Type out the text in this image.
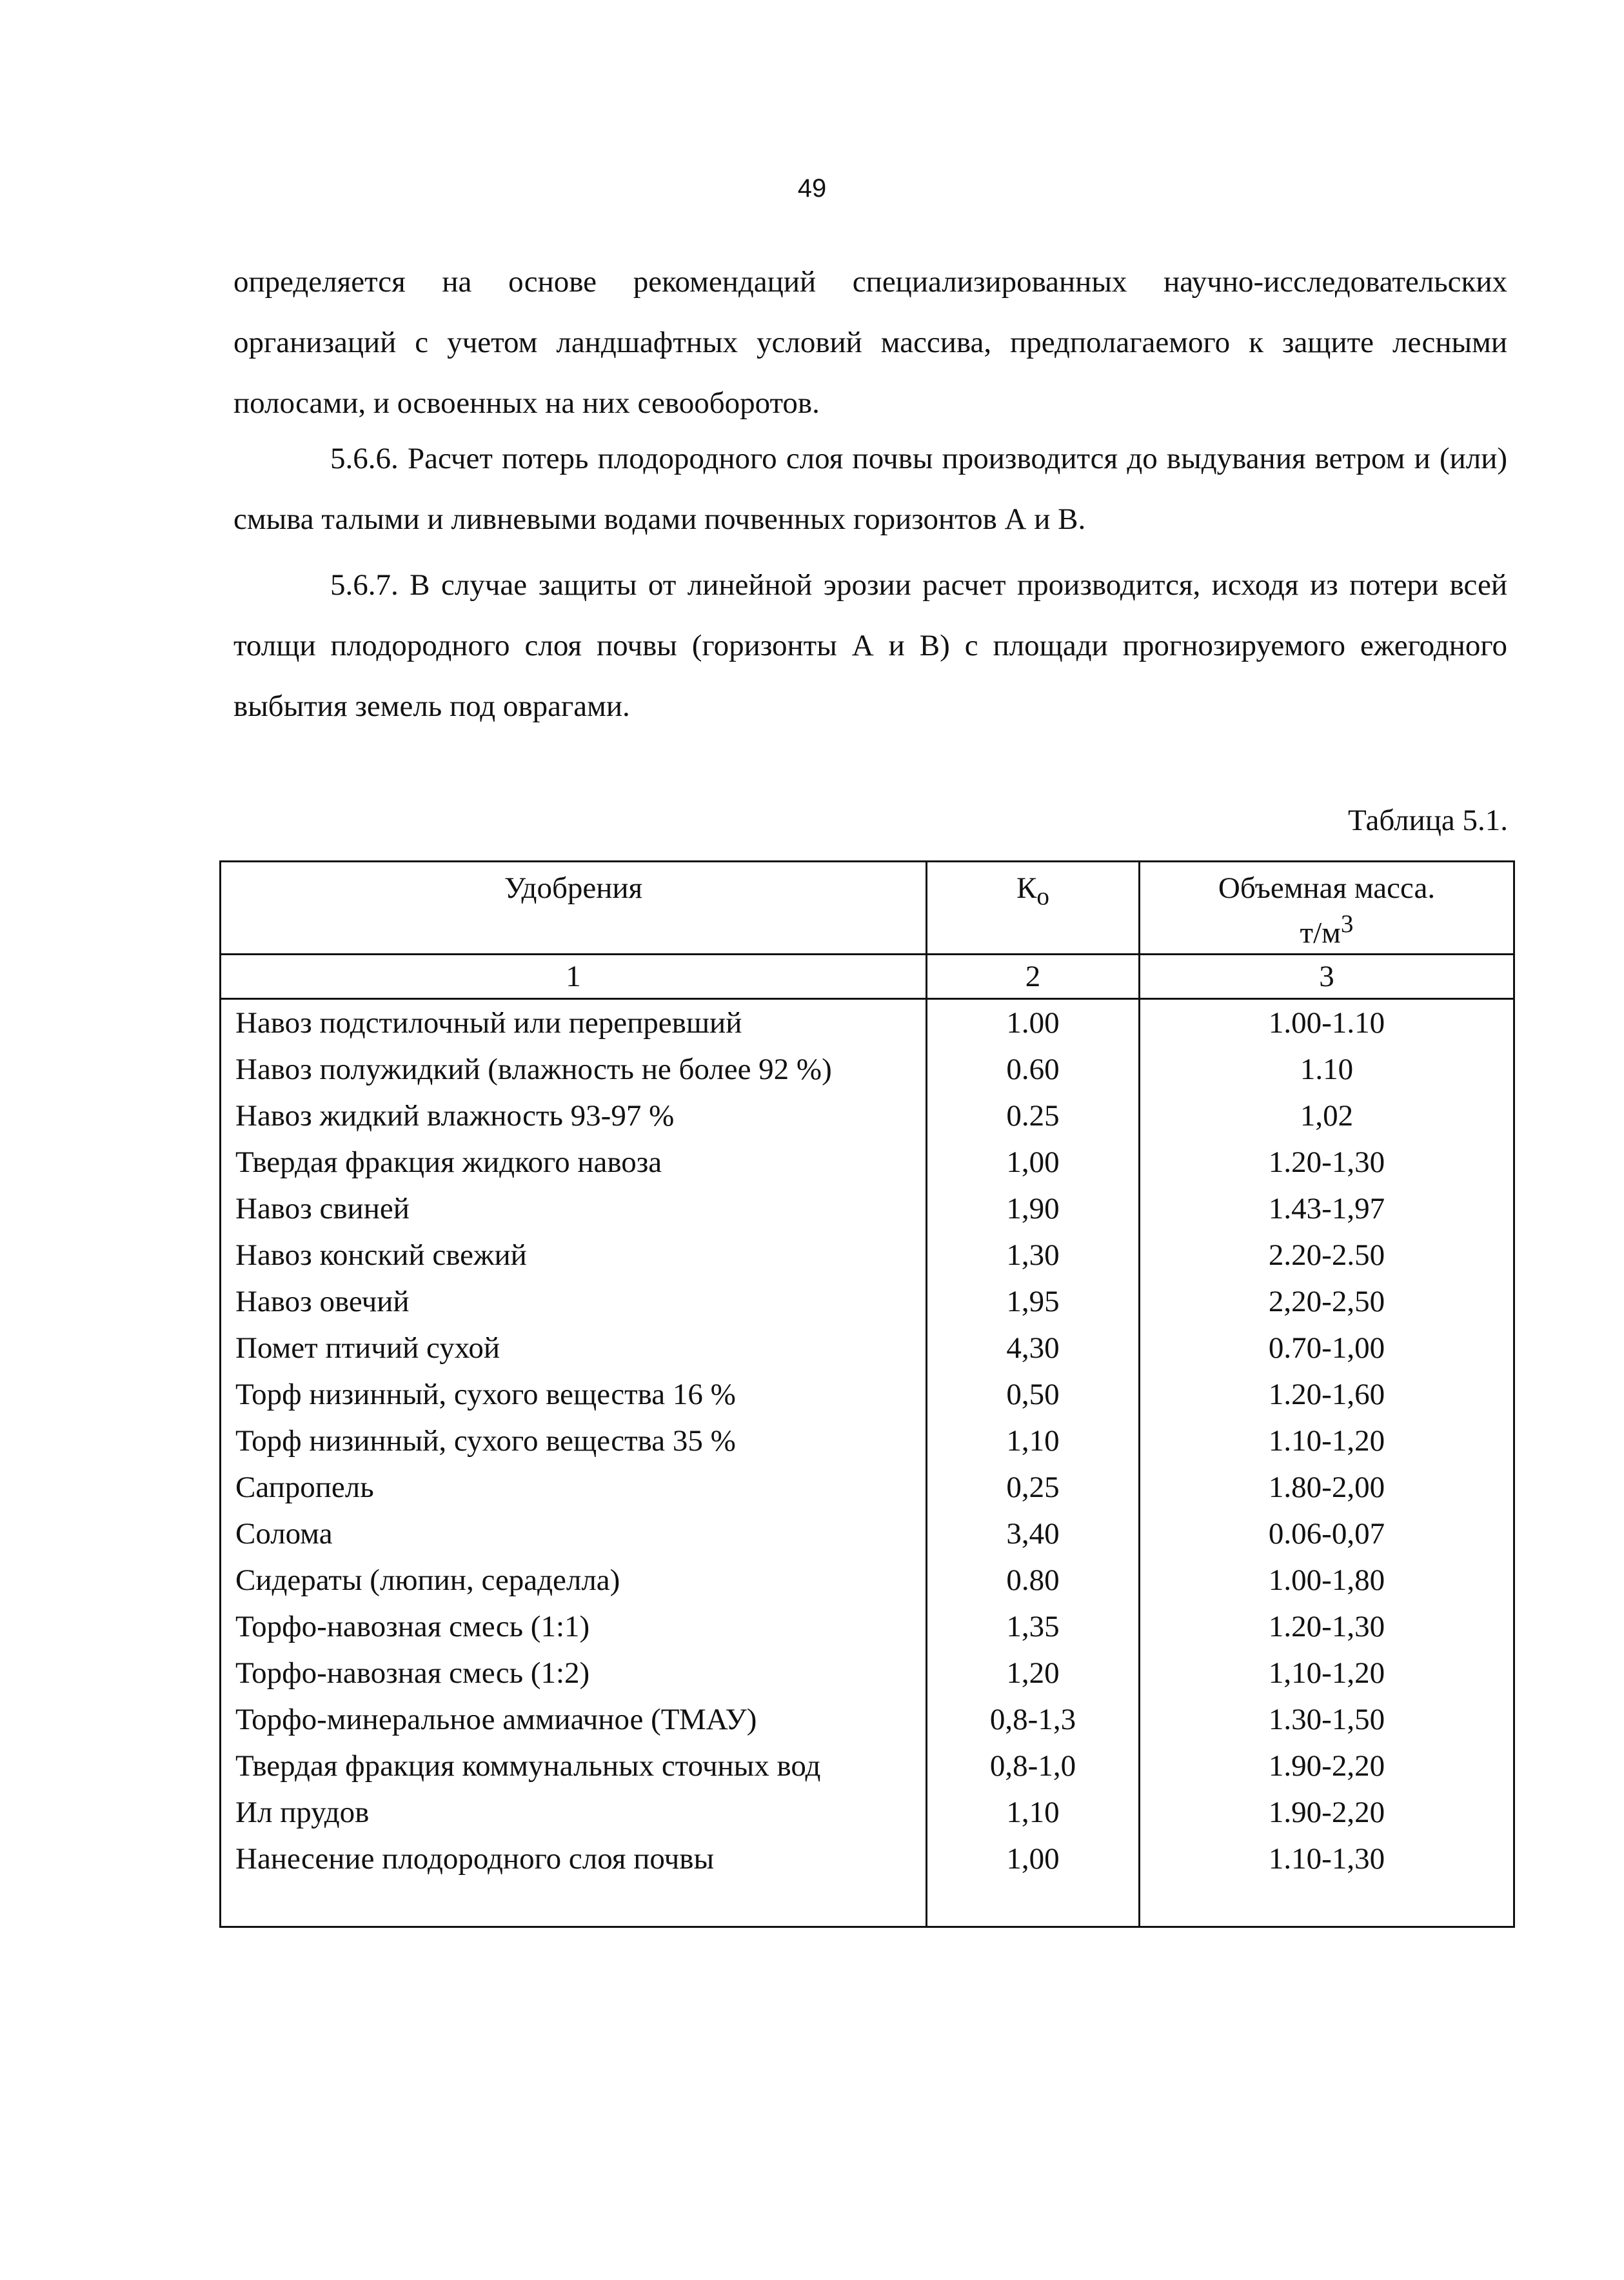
49

определяется на основе рекомендаций специализированных научно-исследовательских организаций с учетом ландшафтных условий массива, предполагаемого к защите лесными полосами, и освоенных на них севооборотов.

5.6.6. Расчет потерь плодородного слоя почвы производится до выдувания ветром и (или) смыва талыми и ливневыми водами почвенных горизонтов А и В.

5.6.7. В случае защиты от линейной эрозии расчет производится, исходя из потери всей толщи плодородного слоя почвы (горизонты А и В) с площади прогнозируемого ежегодного выбытия земель под оврагами.

Таблица 5.1.
Удобрения	$К_о$	Объемная масса.
$т/м^3$
1	2	3
Навоз подстилочный или перепревший	1.00	1.00-1.10
Навоз полужидкий (влажность не более 92 %)	0.60	1.10
Навоз жидкий влажность 93-97 %	0.25	1,02
Твердая фракция жидкого навоза	1,00	1.20-1,30
Навоз свиней	1,90	1.43-1,97
Навоз конский свежий	1,30	2.20-2.50
Навоз овечий	1,95	2,20-2,50
Помет птичий сухой	4,30	0.70-1,00
Торф низинный, сухого вещества 16 %	0,50	1.20-1,60
Торф низинный, сухого вещества 35 %	1,10	1.10-1,20
Сапропель	0,25	1.80-2,00
Солома	3,40	0.06-0,07
Сидераты (люпин, сераделла)	0.80	1.00-1,80
Торфо-навозная смесь (1:1)	1,35	1.20-1,30
Торфо-навозная смесь (1:2)	1,20	1,10-1,20
Торфо-минеральное аммиачное (ТМАУ)	0,8-1,3	1.30-1,50
Твердая фракция коммунальных сточных вод	0,8-1,0	1.90-2,20
Ил прудов	1,10	1.90-2,20
Нанесение плодородного слоя почвы	1,00	1.10-1,30
